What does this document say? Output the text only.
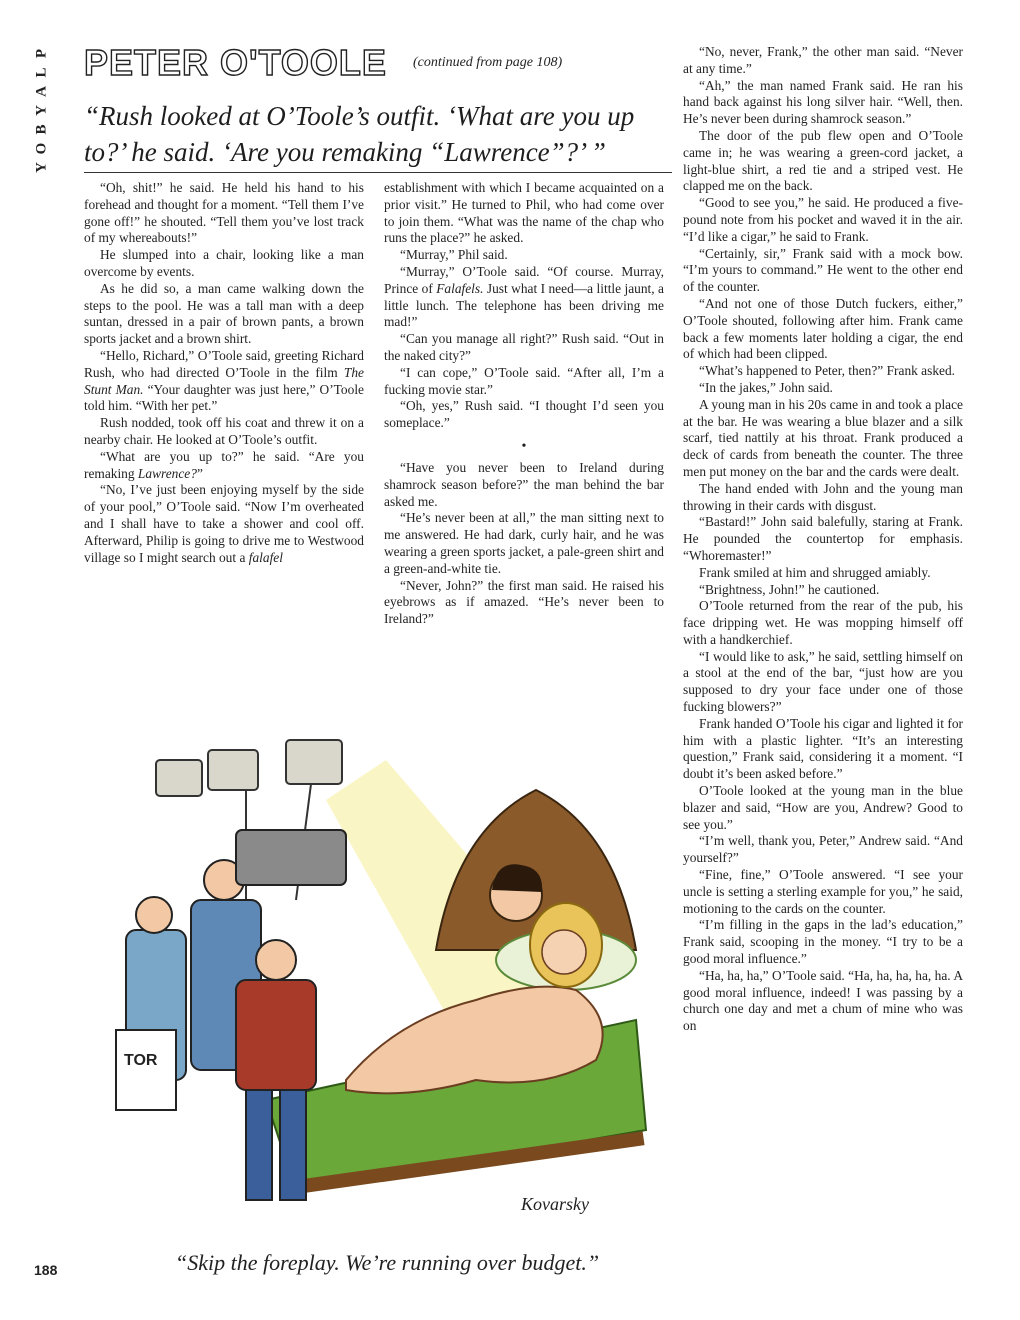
P
L
A
Y
B
O
Y
PETER O'TOOLE (continued from page 108)
“Rush looked at O’Toole’s outfit. ‘What are you up to?’ he said. ‘Are you remaking “Lawrence”?’ ”

“Oh, shit!” he said. He held his hand to his forehead and thought for a moment. “Tell them I’ve gone off!” he shouted. “Tell them you’ve lost track of my whereabouts!”

He slumped into a chair, looking like a man overcome by events.

As he did so, a man came walking down the steps to the pool. He was a tall man with a deep suntan, dressed in a pair of brown pants, a brown sports jacket and a brown shirt.

“Hello, Richard,” O’Toole said, greeting Richard Rush, who had directed O’Toole in the film The Stunt Man. “Your daughter was just here,” O’Toole told him. “With her pet.”

Rush nodded, took off his coat and threw it on a nearby chair. He looked at O’Toole’s outfit.

“What are you up to?” he said. “Are you remaking Lawrence?”

“No, I’ve just been enjoying myself by the side of your pool,” O’Toole said. “Now I’m overheated and I shall have to take a shower and cool off. Afterward, Philip is going to drive me to Westwood village so I might search out a falafel

establishment with which I became acquainted on a prior visit.” He turned to Phil, who had come over to join them. “What was the name of the chap who runs the place?” he asked.

“Murray,” Phil said.

“Murray,” O’Toole said. “Of course. Murray, Prince of Falafels. Just what I need—a little jaunt, a little lunch. The telephone has been driving me mad!”

“Can you manage all right?” Rush said. “Out in the naked city?”

“I can cope,” O’Toole said. “After all, I’m a fucking movie star.”

“Oh, yes,” Rush said. “I thought I’d seen you someplace.”

•

“Have you never been to Ireland during shamrock season before?” the man behind the bar asked me.

“He’s never been at all,” the man sitting next to me answered. He had dark, curly hair, and he was wearing a green sports jacket, a pale-green shirt and a green-and-white tie.

“Never, John?” the first man said. He raised his eyebrows as if amazed. “He’s never been to Ireland?”

“No, never, Frank,” the other man said. “Never at any time.”

“Ah,” the man named Frank said. He ran his hand back against his long silver hair. “Well, then. He’s never been during shamrock season.”

The door of the pub flew open and O’Toole came in; he was wearing a green-cord jacket, a light-blue shirt, a red tie and a striped vest. He clapped me on the back.

“Good to see you,” he said. He produced a five-pound note from his pocket and waved it in the air. “I’d like a cigar,” he said to Frank.

“Certainly, sir,” Frank said with a mock bow. “I’m yours to command.” He went to the other end of the counter.

“And not one of those Dutch fuckers, either,” O’Toole shouted, following after him. Frank came back a few moments later holding a cigar, the end of which had been clipped.

“What’s happened to Peter, then?” Frank asked.

“In the jakes,” John said.

A young man in his 20s came in and took a place at the bar. He was wearing a blue blazer and a silk scarf, tied nattily at his throat. Frank produced a deck of cards from beneath the counter. The three men put money on the bar and the cards were dealt.

The hand ended with John and the young man throwing in their cards with disgust.

“Bastard!” John said balefully, staring at Frank. He pounded the countertop for emphasis. “Whoremaster!”

Frank smiled at him and shrugged amiably.

“Brightness, John!” he cautioned.

O’Toole returned from the rear of the pub, his face dripping wet. He was mopping himself off with a handkerchief.

“I would like to ask,” he said, settling himself on a stool at the end of the bar, “just how are you supposed to dry your face under one of those fucking blowers?”

Frank handed O’Toole his cigar and lighted it for him with a plastic lighter. “It’s an interesting question,” Frank said, considering it a moment. “I doubt it’s been asked before.”

O’Toole looked at the young man in the blue blazer and said, “How are you, Andrew? Good to see you.”

“I’m well, thank you, Peter,” Andrew said. “And yourself?”

“Fine, fine,” O’Toole answered. “I see your uncle is setting a sterling example for you,” he said, motioning to the cards on the counter.

“I’m filling in the gaps in the lad’s education,” Frank said, scooping in the money. “I try to be a good moral influence.”

“Ha, ha, ha,” O’Toole said. “Ha, ha, ha, ha, ha. A good moral influence, indeed! I was passing by a church one day and met a chum of mine who was on

TOR
Kovarsky
“Skip the foreplay. We’re running over budget.”
188
